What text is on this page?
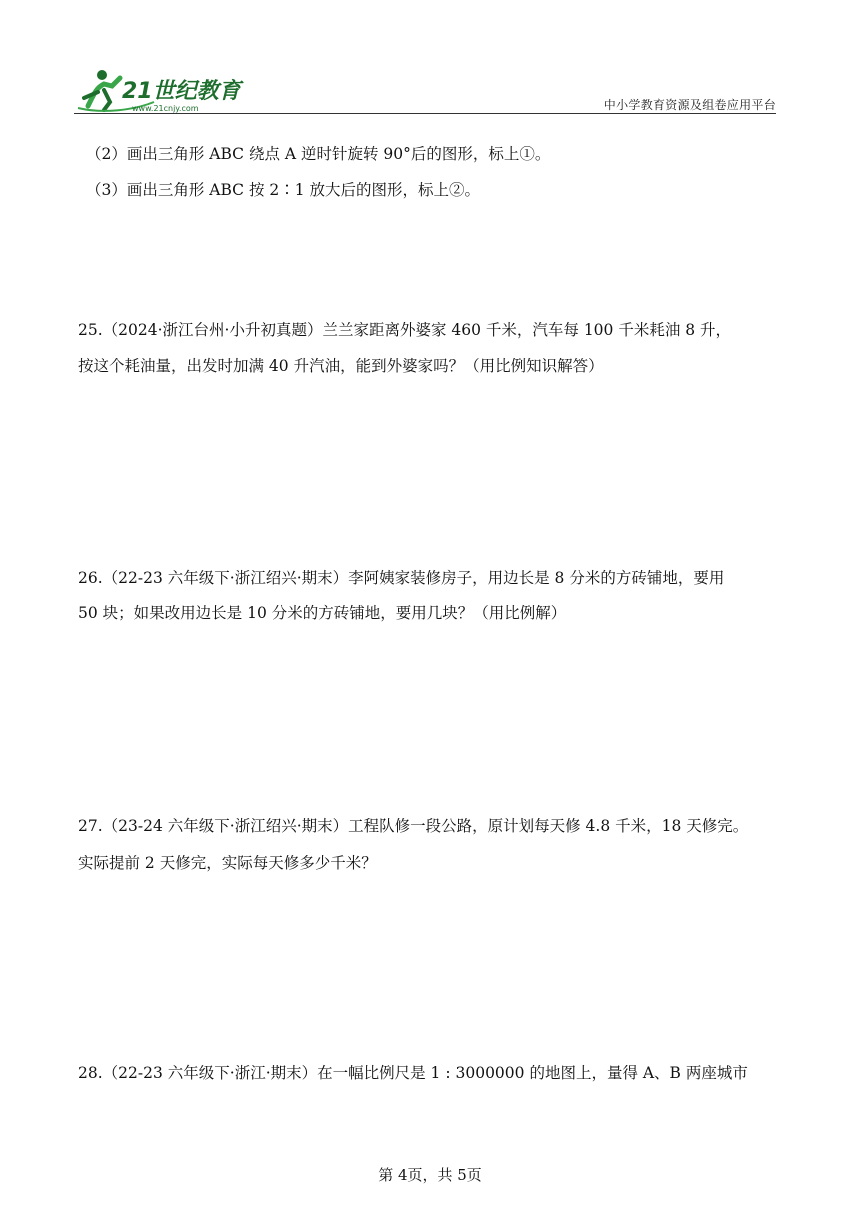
21世纪教育
www.21cnjy.com	中小学教育资源及组卷应用平台
（2）画出三角形 ABC 绕点 A 逆时针旋转 90°后的图形，标上①。
（3）画出三角形 ABC 按 2∶1 放大后的图形，标上②。
25.（2024·浙江台州·小升初真题）兰兰家距离外婆家 460 千米，汽车每 100 千米耗油 8 升，
按这个耗油量，出发时加满 40 升汽油，能到外婆家吗？（用比例知识解答）
26.（22-23 六年级下·浙江绍兴·期末）李阿姨家装修房子，用边长是 8 分米的方砖铺地，要用
50 块；如果改用边长是 10 分米的方砖铺地，要用几块？（用比例解）
27.（23-24 六年级下·浙江绍兴·期末）工程队修一段公路，原计划每天修 4.8 千米，18 天修完。
实际提前 2 天修完，实际每天修多少千米？
28.（22-23 六年级下·浙江·期末）在一幅比例尺是 1 : 3000000 的地图上，量得 A、B 两座城市
第 4页，共 5页
